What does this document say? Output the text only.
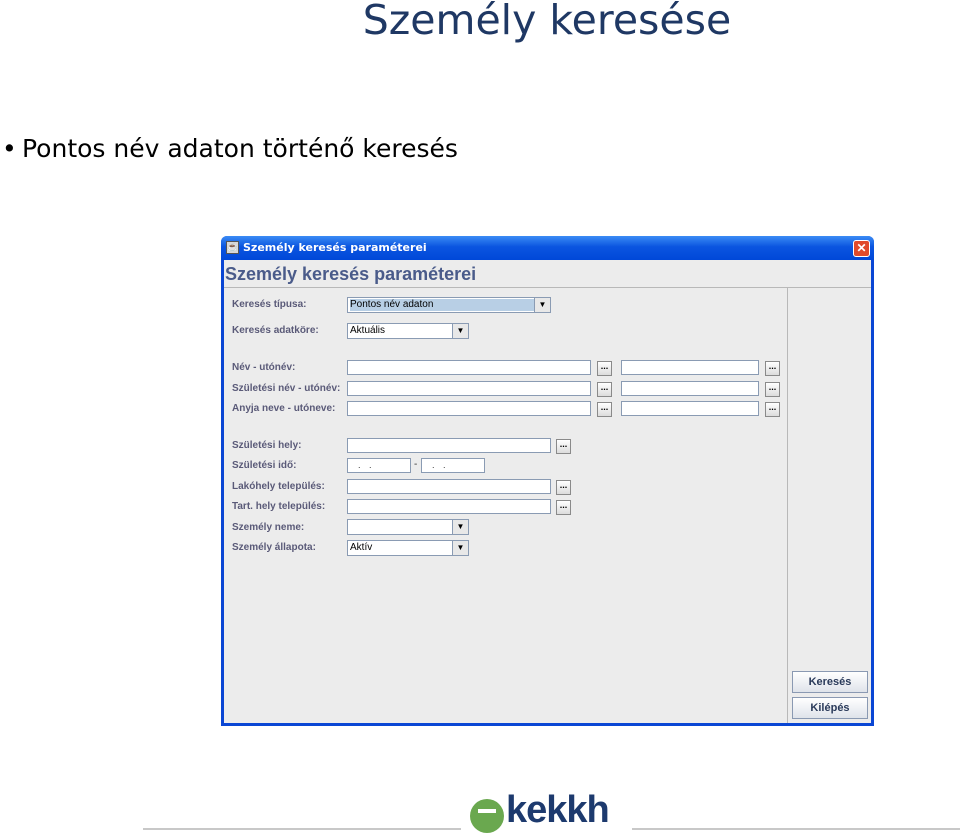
Személy keresése
• Pontos név adaton történő keresés
☕ Személy keresés paraméterei	✕
Személy keresés paraméterei
Keresés típusa:	Pontos név adaton	▼
Keresés adatköre:	Aktuális	▼
Név - utónév:	...	...
Születési név - utónév:	...	...
Anyja neve - utóneve:	...	...
Születési hely:	...
Születési idő:	. .	-	. .
Lakóhely település:	...
Tart. hely település:	...
Személy neme:	▼
Személy állapota:	Aktív	▼
Keresés
Kilépés
kekkh
